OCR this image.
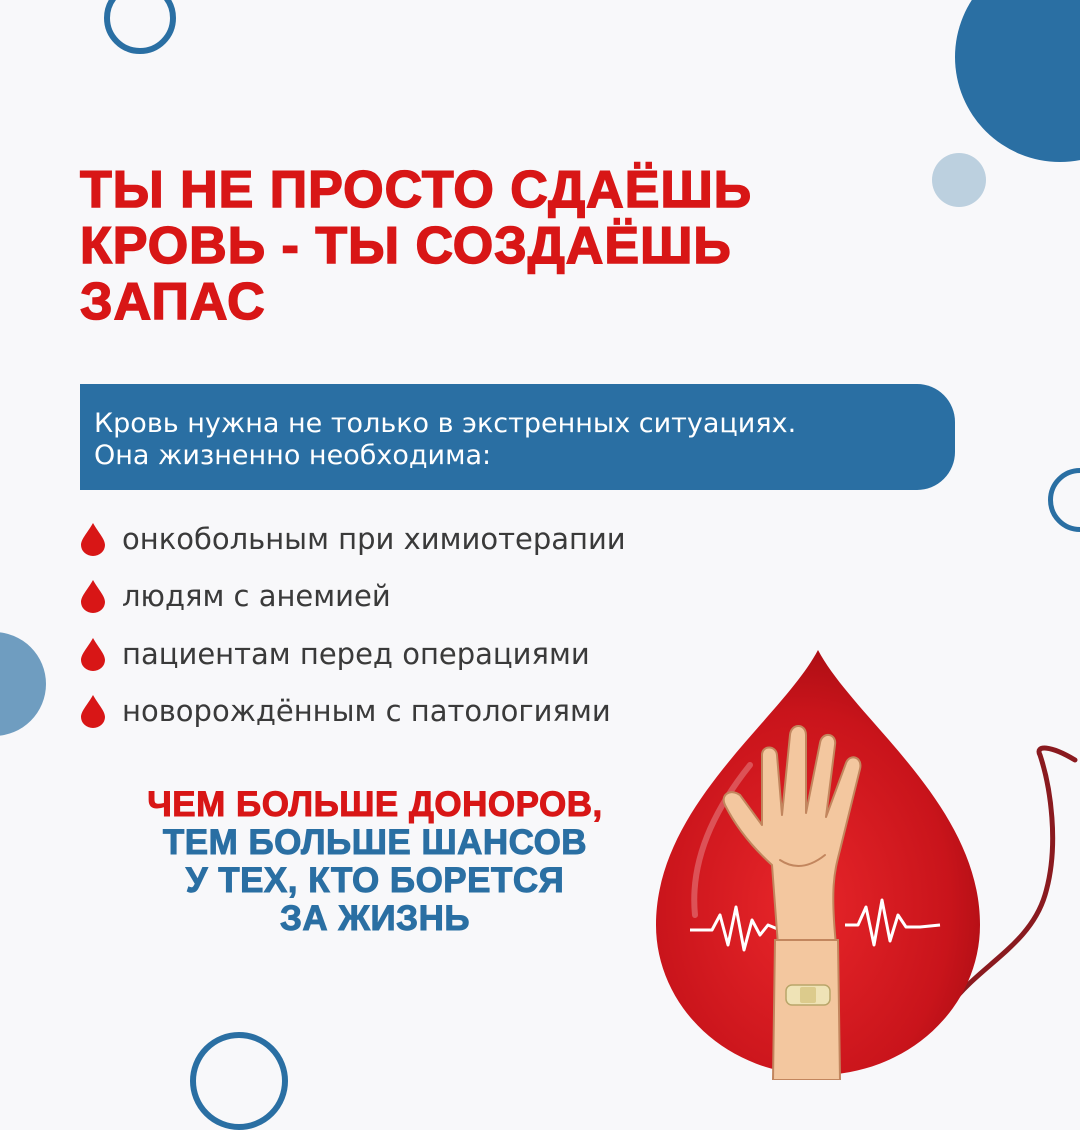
ТЫ НЕ ПРОСТО СДАЁШЬ
КРОВЬ - ТЫ СОЗДАЁШЬ
ЗАПАС
Кровь нужна не только в экстренных ситуациях.
Она жизненно необходима:
онкобольным при химиотерапии
людям с анемией
пациентам перед операциями
новорождённым с патологиями
ЧЕМ БОЛЬШЕ ДОНОРОВ,
ТЕМ БОЛЬШЕ ШАНСОВ
У ТЕХ, КТО БОРЕТСЯ
ЗА ЖИЗНЬ
